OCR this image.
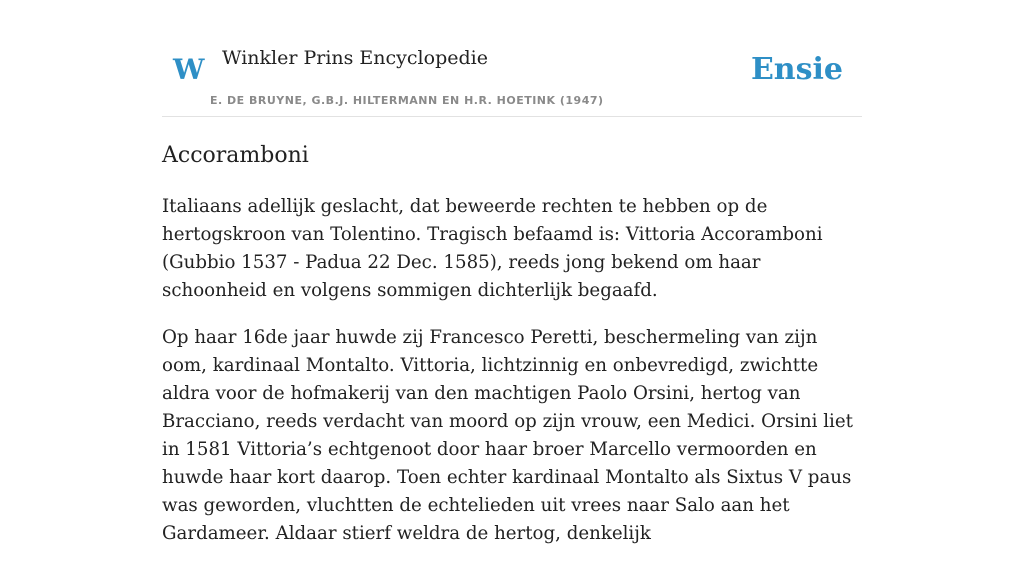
W Winkler Prins Encyclopedie
E. DE BRUYNE, G.B.J. HILTERMANN EN H.R. HOETINK (1947)
Ensie
Accoramboni

Italiaans adellijk geslacht, dat beweerde rechten te hebben op de hertogskroon van Tolentino. Tragisch befaamd is: Vittoria Accoramboni (Gubbio 1537 - Padua 22 Dec. 1585), reeds jong bekend om haar schoonheid en volgens sommigen dichterlijk begaafd.

Op haar 16de jaar huwde zij Francesco Peretti, beschermeling van zijn oom, kardinaal Montalto. Vittoria, lichtzinnig en onbevredigd, zwichtte aldra voor de hofmakerij van den machtigen Paolo Orsini, hertog van Bracciano, reeds verdacht van moord op zijn vrouw, een Medici. Orsini liet in 1581 Vittoria’s echtgenoot door haar broer Marcello vermoorden en huwde haar kort daarop. Toen echter kardinaal Montalto als Sixtus V paus was geworden, vluchtten de echtelieden uit vrees naar Salo aan het Gardameer. Aldaar stierf weldra de hertog, denkelijk
